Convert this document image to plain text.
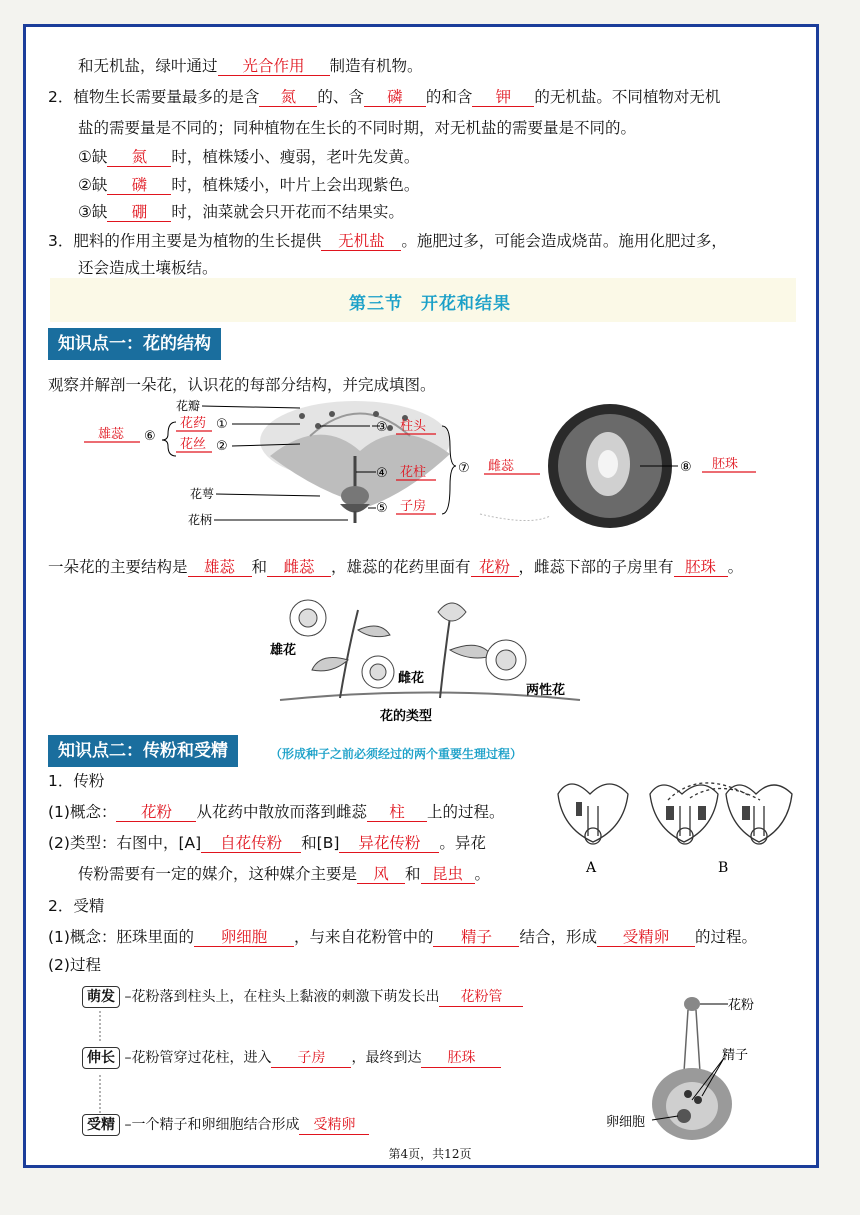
和无机盐，绿叶通过 光合作用 制造有机物。
2．植物生长需要量最多的是含 氮 的、含 磷 的和含 钾 的无机盐。不同植物对无机
盐的需要量是不同的；同种植物在生长的不同时期，对无机盐的需要量是不同的。
①缺 氮 时，植株矮小、瘦弱，老叶先发黄。
②缺 磷 时，植株矮小，叶片上会出现紫色。
③缺 硼 时，油菜就会只开花而不结果实。
3．肥料的作用主要是为植物的生长提供 无机盐 。施肥过多，可能会造成烧苗。施用化肥过多，
还会造成土壤板结。
第三节　开花和结果
知识点一：花的结构
观察并解剖一朵花，认识花的每部分结构，并完成填图。
花瓣
花药 ①
花丝 ②
雄蕊 ⑥
花萼
花柄
③ 柱头
④ 花柱
⑤ 子房
⑦ 雌蕊	⑧ 胚珠
一朵花的主要结构是 雄蕊 和 雌蕊 ，雄蕊的花药里面有 花粉 ，雌蕊下部的子房里有 胚珠 。
雄花
雌花
两性花
花的类型
知识点二：传粉和受精	（形成种子之前必须经过的两个重要生理过程）
1．传粉
(1)概念： 花粉 从花药中散放而落到雌蕊 柱 上的过程。
(2)类型：右图中，[A] 自花传粉 和[B] 异花传粉 。异花
传粉需要有一定的媒介，这种媒介主要是 风 和 昆虫 。	A	B
2．受精
(1)概念：胚珠里面的 卵细胞 ，与来自花粉管中的 精子 结合，形成 受精卵 的过程。
(2)过程
萌发 –花粉落到柱头上，在柱头上黏液的刺激下萌发长出 花粉管
伸长 –花粉管穿过花柱，进入 子房 ，最终到达 胚珠
受精 –一个精子和卵细胞结合形成 受精卵
花粉
精子
卵细胞
第4页，共12页
